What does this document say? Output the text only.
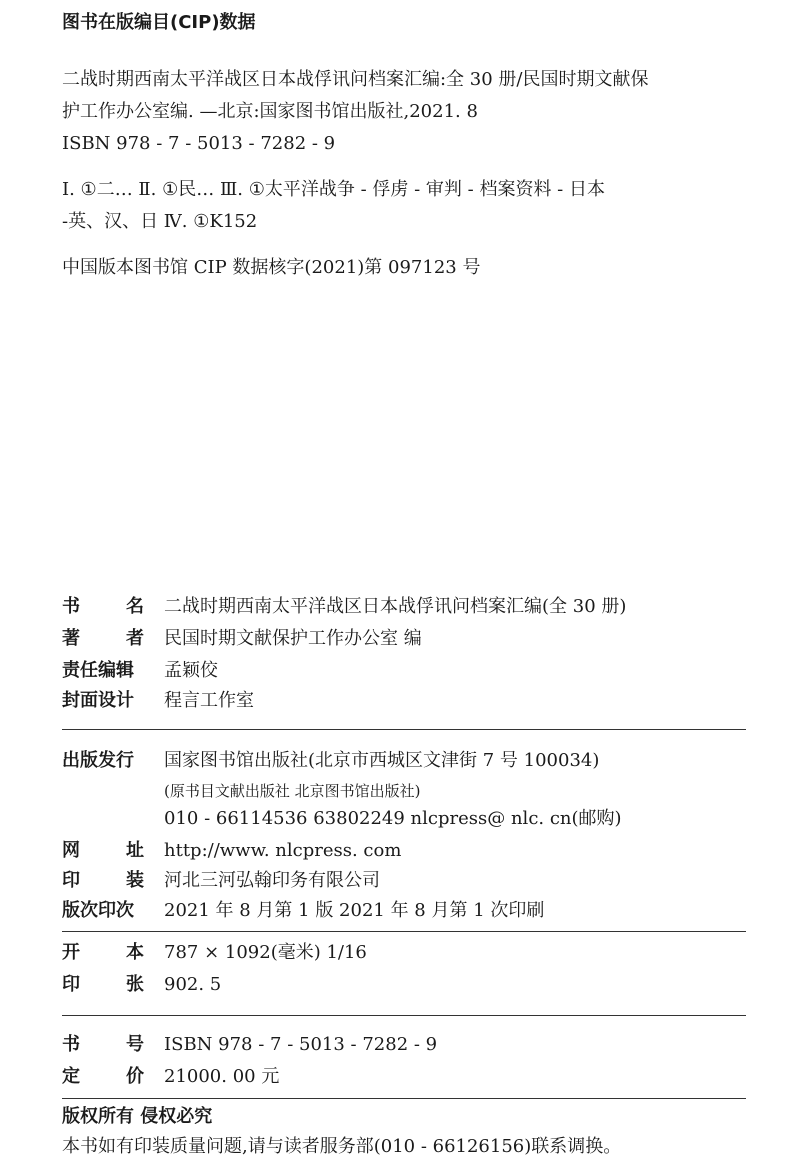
图书在版编目(CIP)数据
二战时期西南太平洋战区日本战俘讯问档案汇编:全 30 册/民国时期文献保
护工作办公室编. —北京:国家图书馆出版社,2021. 8
ISBN 978 - 7 - 5013 - 7282 - 9
Ⅰ. ①二… Ⅱ. ①民… Ⅲ. ①太平洋战争 - 俘虏 - 审判 - 档案资料 - 日本
-英、汉、日 Ⅳ. ①K152
中国版本图书馆 CIP 数据核字(2021)第 097123 号
书 名 二战时期西南太平洋战区日本战俘讯问档案汇编(全 30 册)
著 者 民国时期文献保护工作办公室 编
责任编辑 孟颖佼
封面设计 程言工作室
出版发行 国家图书馆出版社(北京市西城区文津街 7 号 100034)
(原书目文献出版社 北京图书馆出版社)
010 - 66114536 63802249 nlcpress@ nlc. cn(邮购)
网 址 http://www. nlcpress. com
印 装 河北三河弘翰印务有限公司
版次印次 2021 年 8 月第 1 版 2021 年 8 月第 1 次印刷
开 本 787 × 1092(毫米) 1/16
印 张 902. 5
书 号 ISBN 978 - 7 - 5013 - 7282 - 9
定 价 21000. 00 元
版权所有 侵权必究
本书如有印装质量问题,请与读者服务部(010 - 66126156)联系调换。
